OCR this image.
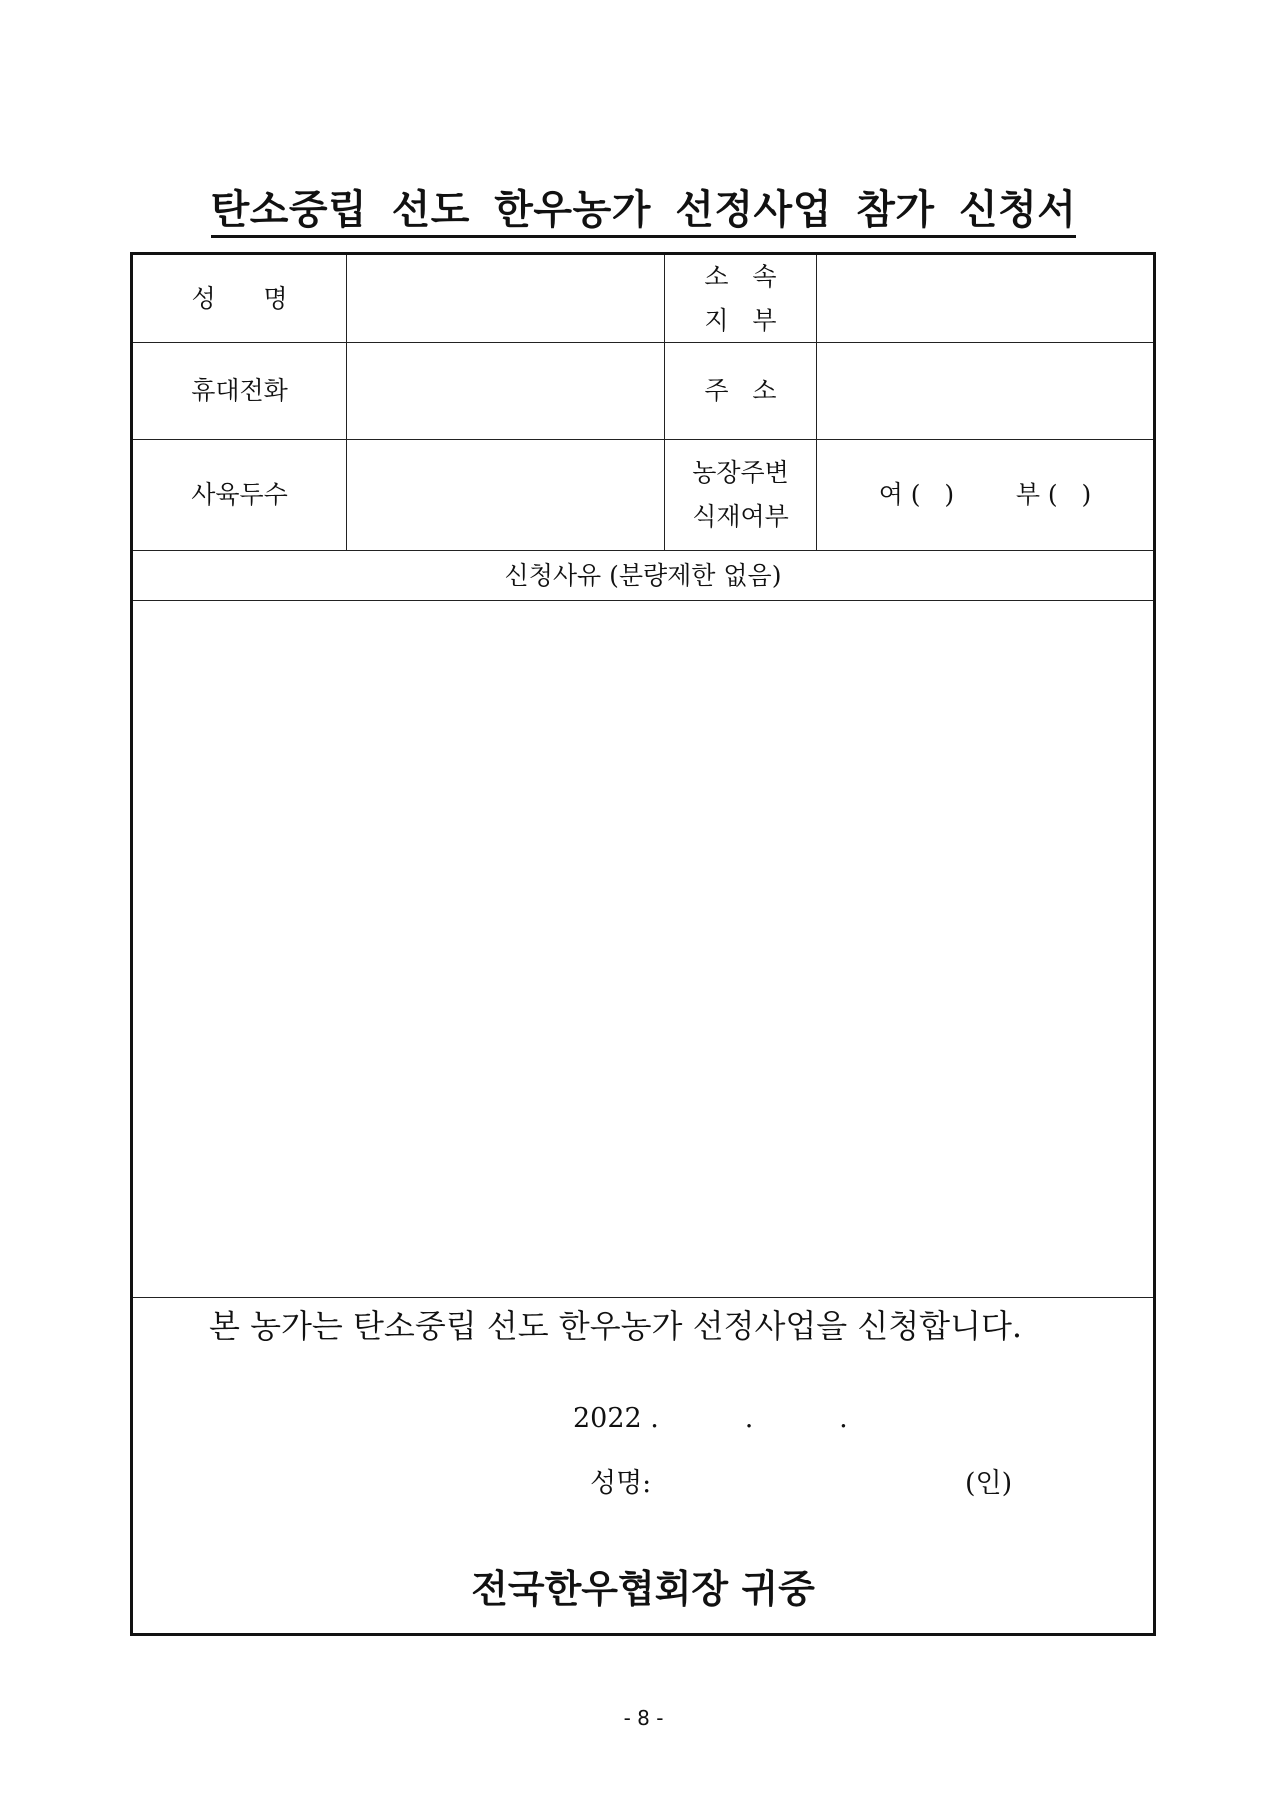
탄소중립 선도 한우농가 선정사업 참가 신청서
성      명
소   속
지   부
휴대전화	주   소
사육두수
농장주변
식재여부
여 (   ) 부 (   )
신청사유 (분량제한 없음)
본 농가는 탄소중립 선도 한우농가 선정사업을 신청합니다.
2022 .          .          .
성명:	(인)
전국한우협회장 귀중
- 8 -
